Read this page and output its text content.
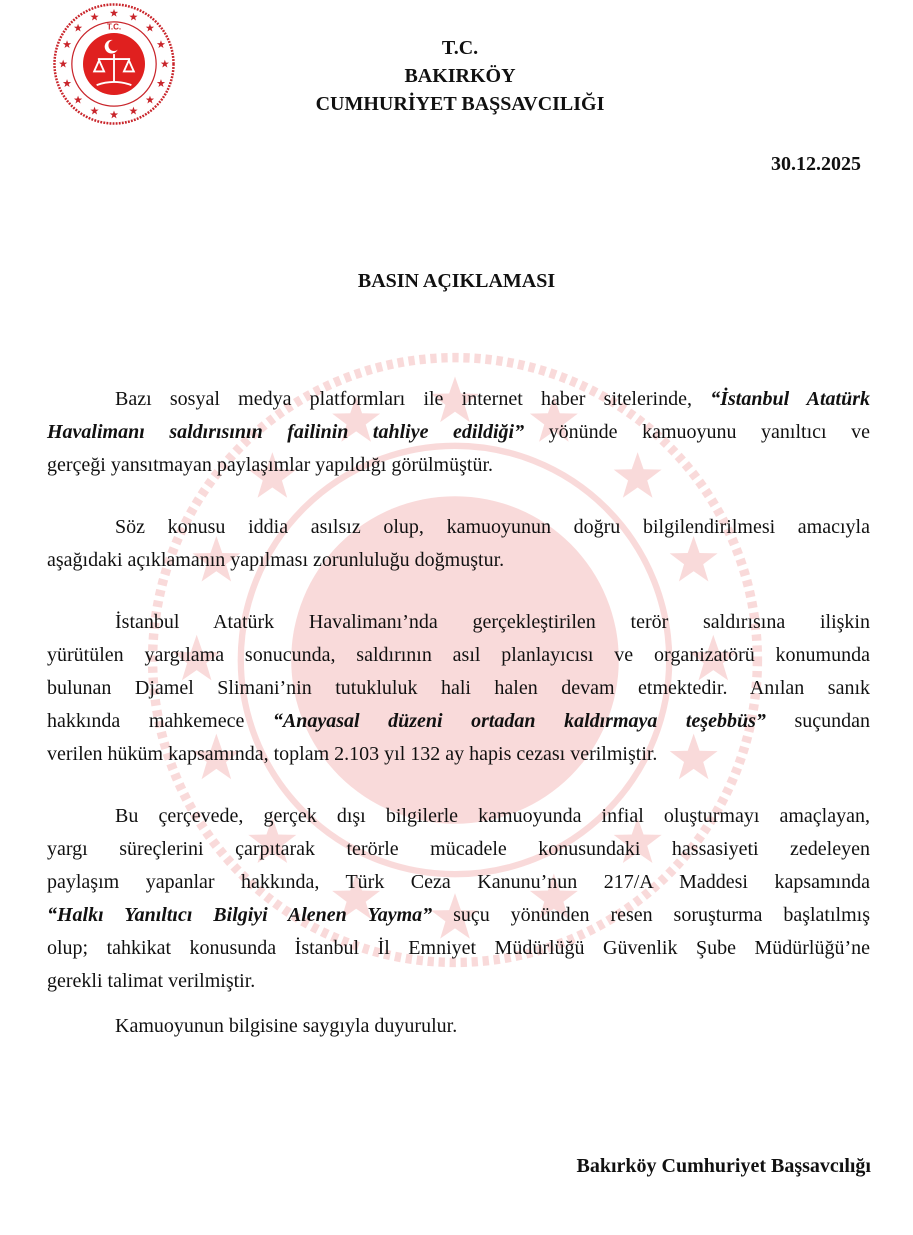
T.C.
T.C.
BAKIRKÖY
CUMHURİYET BAŞSAVCILIĞI
30.12.2025
BASIN AÇIKLAMASI
Bazı sosyal medya platformları ile internet haber sitelerinde, “İstanbul Atatürk
Havalimanı saldırısının failinin tahliye edildiği” yönünde kamuoyunu yanıltıcı ve
gerçeği yansıtmayan paylaşımlar yapıldığı görülmüştür.
Söz konusu iddia asılsız olup, kamuoyunun doğru bilgilendirilmesi amacıyla
aşağıdaki açıklamanın yapılması zorunluluğu doğmuştur.
İstanbul Atatürk Havalimanı’nda gerçekleştirilen terör saldırısına ilişkin
yürütülen yargılama sonucunda, saldırının asıl planlayıcısı ve organizatörü konumunda
bulunan Djamel Slimani’nin tutukluluk hali halen devam etmektedir. Anılan sanık
hakkında mahkemece “Anayasal düzeni ortadan kaldırmaya teşebbüs” suçundan
verilen hüküm kapsamında, toplam 2.103 yıl 132 ay hapis cezası verilmiştir.
Bu çerçevede, gerçek dışı bilgilerle kamuoyunda infial oluşturmayı amaçlayan,
yargı süreçlerini çarpıtarak terörle mücadele konusundaki hassasiyeti zedeleyen
paylaşım yapanlar hakkında, Türk Ceza Kanunu’nun 217/A Maddesi kapsamında
“Halkı Yanıltıcı Bilgiyi Alenen Yayma” suçu yönünden resen soruşturma başlatılmış
olup; tahkikat konusunda İstanbul İl Emniyet Müdürlüğü Güvenlik Şube Müdürlüğü’ne
gerekli talimat verilmiştir.
Kamuoyunun bilgisine saygıyla duyurulur.
Bakırköy Cumhuriyet Başsavcılığı
